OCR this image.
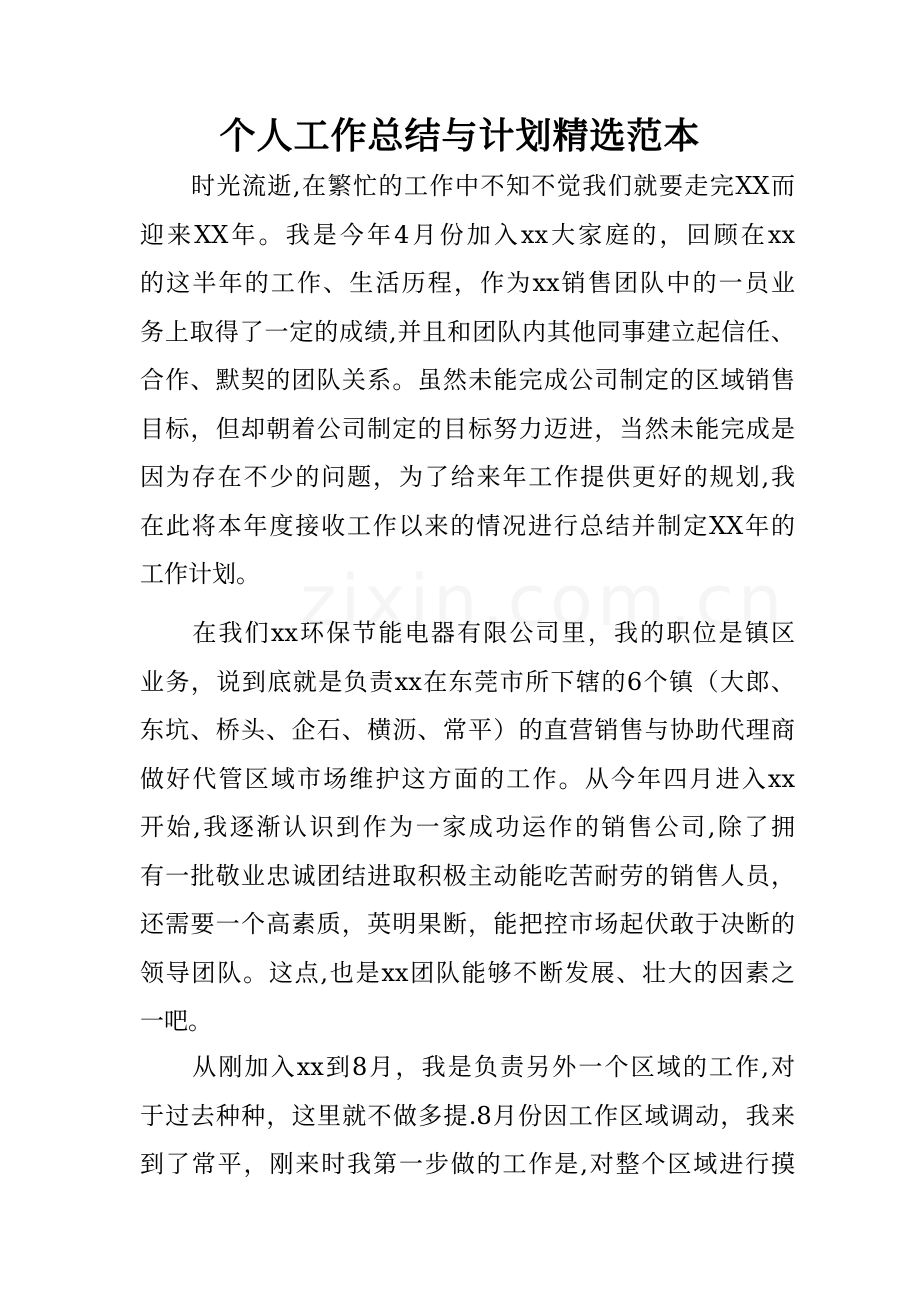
个人工作总结与计划精选范本
　　时光流逝,在繁忙的工作中不知不觉我们就要走完XX而
迎来XX年。我是今年4月份加入xx大家庭的，回顾在xx
的这半年的工作、生活历程，作为xx销售团队中的一员业
务上取得了一定的成绩,并且和团队内其他同事建立起信任、
合作、默契的团队关系。虽然未能完成公司制定的区域销售
目标，但却朝着公司制定的目标努力迈进，当然未能完成是
因为存在不少的问题，为了给来年工作提供更好的规划,我
在此将本年度接收工作以来的情况进行总结并制定XX年的
工作计划。
　　在我们xx环保节能电器有限公司里，我的职位是镇区
业务，说到底就是负责xx在东莞市所下辖的6个镇（大郎、
东坑、桥头、企石、横沥、常平）的直营销售与协助代理商
做好代管区域市场维护这方面的工作。从今年四月进入xx
开始,我逐渐认识到作为一家成功运作的销售公司,除了拥
有一批敬业忠诚团结进取积极主动能吃苦耐劳的销售人员，
还需要一个高素质，英明果断，能把控市场起伏敢于决断的
领导团队。这点,也是xx团队能够不断发展、壮大的因素之
一吧。
　　从刚加入xx到8月，我是负责另外一个区域的工作,对
于过去种种，这里就不做多提.8月份因工作区域调动，我来
到了常平，刚来时我第一步做的工作是,对整个区域进行摸
